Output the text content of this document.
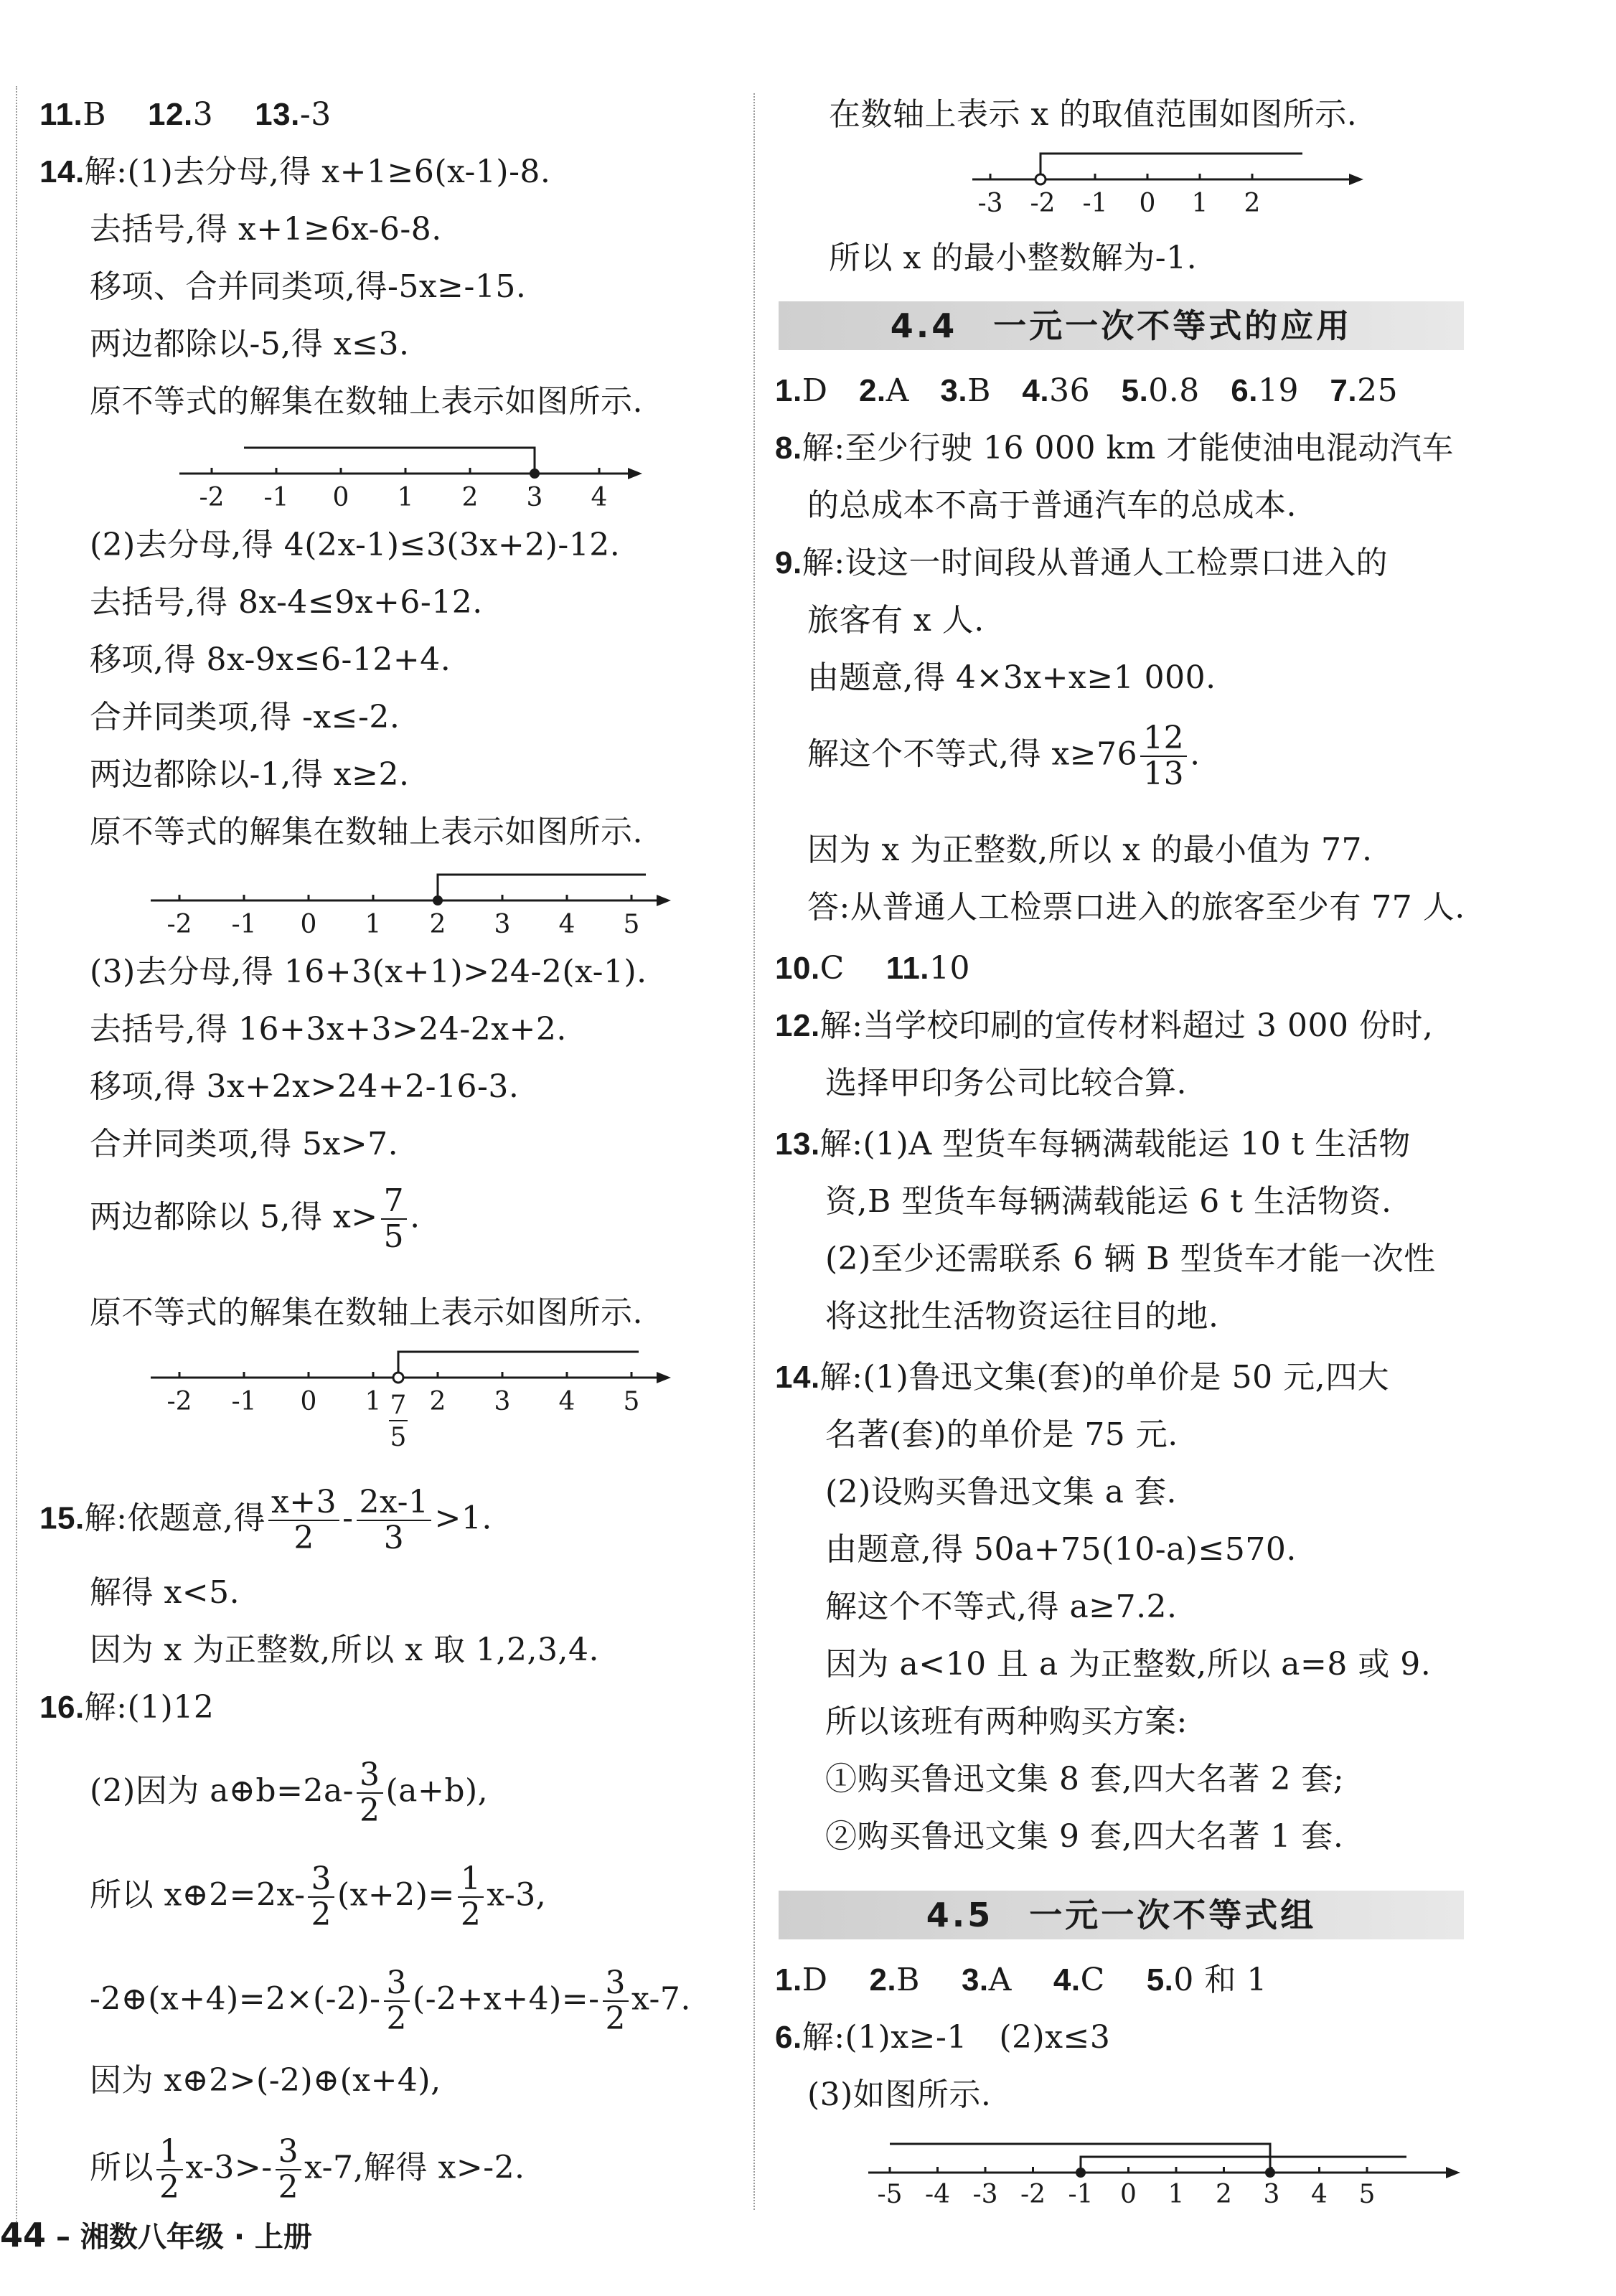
11.B 12.3 13.-3
14.解:(1)去分母,得 x+1≥6(x-1)-8.
去括号,得 x+1≥6x-6-8.
移项、合并同类项,得-5x≥-15.
两边都除以-5,得 x≤3.
原不等式的解集在数轴上表示如图所示.
-2 -1 0 1 2 3 4
(2)去分母,得 4(2x-1)≤3(3x+2)-12.
去括号,得 8x-4≤9x+6-12.
移项,得 8x-9x≤6-12+4.
合并同类项,得 -x≤-2.
两边都除以-1,得 x≥2.
原不等式的解集在数轴上表示如图所示.
-2 -1 0 1 2 3 4 5
(3)去分母,得 16+3(x+1)>24-2(x-1).
去括号,得 16+3x+3>24-2x+2.
移项,得 3x+2x>24+2-16-3.
合并同类项,得 5x>7.
两边都除以 5,得 $x> \frac{7}{5}$ .
原不等式的解集在数轴上表示如图所示.
-2 -1 0 1 2 3 4 5
7
5
15.解:依题意,得 $\frac{x+3}{2} - \frac{2x-1}{3} >1$.
解得 x<5.
因为 x 为正整数,所以 x 取 1,2,3,4.
16.解:(1)12
(2)因为 a⊕b=2a- $\frac{3}{2} (a+b)$,
所以 x⊕2=2x- $\frac{3}{2} (x+2)= \frac{1}{2} x-3$,
-2⊕(x+4)=2×(-2)- $\frac{3}{2} (-2+x+4)=- \frac{3}{2} x-7$.
因为 x⊕2>(-2)⊕(x+4),
所以 $\frac{1}{2} x-3>- \frac{3}{2} x-7$,解得 x>-2.
在数轴上表示 x 的取值范围如图所示.
-3 -2 -1 0 1 2
所以 x 的最小整数解为-1.
4.4　一元一次不等式的应用
1.D 2.A 3.B 4.36 5.0.8 6.19 7.25
8.解:至少行驶 16 000 km 才能使油电混动汽车
的总成本不高于普通汽车的总成本.
9.解:设这一时间段从普通人工检票口进入的
旅客有 x 人.
由题意,得 4×3x+x≥1 000.
解这个不等式,得 $x\ge 76 \frac{12}{13}$ .
因为 x 为正整数,所以 x 的最小值为 77.
答:从普通人工检票口进入的旅客至少有 77 人.
10.C 11.10
12.解:当学校印刷的宣传材料超过 3 000 份时,
选择甲印务公司比较合算.
13.解:(1)A 型货车每辆满载能运 10 t 生活物
资,B 型货车每辆满载能运 6 t 生活物资.
(2)至少还需联系 6 辆 B 型货车才能一次性
将这批生活物资运往目的地.
14.解:(1)鲁迅文集(套)的单价是 50 元,四大
名著(套)的单价是 75 元.
(2)设购买鲁迅文集 a 套.
由题意,得 50a+75(10-a)≤570.
解这个不等式,得 a≥7.2.
因为 a<10 且 a 为正整数,所以 a=8 或 9.
所以该班有两种购买方案:
①购买鲁迅文集 8 套,四大名著 2 套;
②购买鲁迅文集 9 套,四大名著 1 套.
4.5　一元一次不等式组
1.D 2.B 3.A 4.C 5.0 和 1
6.解:(1)x≥-1　(2)x≤3
(3)如图所示.
-5 -4 -3 -2 -1 0 1 2 3 4 5
44 – 湘数八年级 · 上册
